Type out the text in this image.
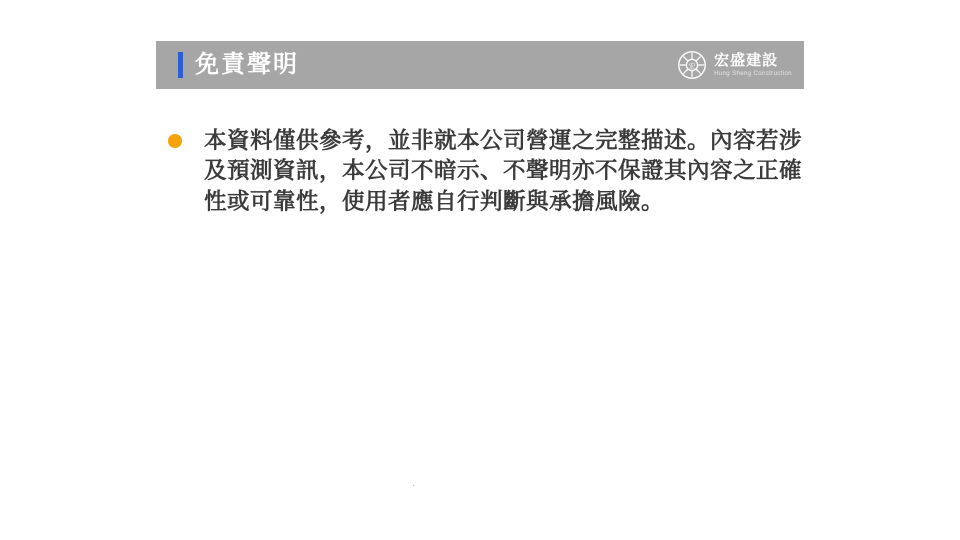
免責聲明	宏 宏盛建設
Hung Sheng Construction
本資料僅供參考，並非就本公司營運之完整描述。內容若涉及預測資訊，本公司不暗示、不聲明亦不保證其內容之正確性或可靠性，使用者應自行判斷與承擔風險。
.
